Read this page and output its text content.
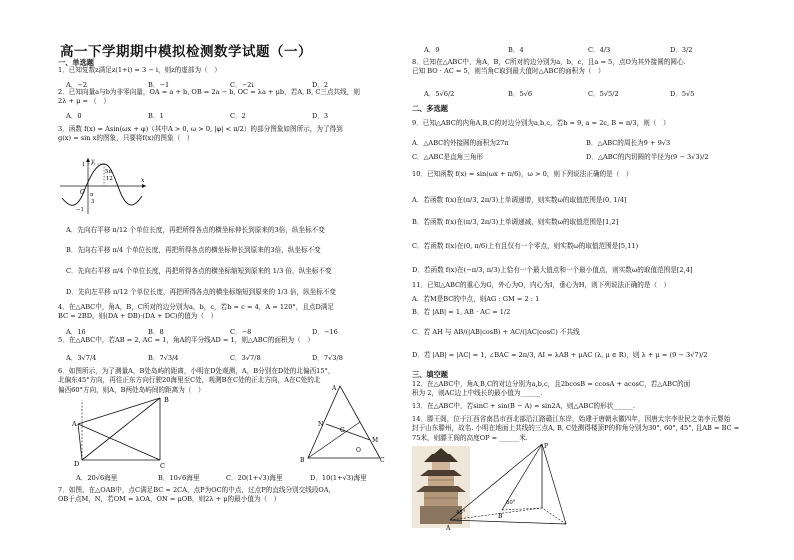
高一下学期期中模拟检测数学试题（一）
一、单选题
1．已知复数z满足z(1+i) = 3 − i，则z的虚部为（　）
A．−2	B．−1	C．−2i	D．2
2．已知向量a与b为非零向量，OA = a + b, OB = 2a − b, OC = λa + μb，若A, B, C三点共线，则
2λ + μ = （　）
A．0	B．1	C．2	D．3
3．函数 f(x) = Asin(ωx + φ)（其中A > 0, ω > 0, |φ| < π/2）的部分图象如图所示，为了得到
g(x) = sin x的图象，只要将f(x)的图象（　）
5π
12
π
3
1
x
y
O
−1
A．先向右平移 π/12 个单位长度，再把所得各点的横坐标伸长到原来的3倍，纵坐标不变
B．先向右平移 π/4 个单位长度，再把所得各点的横坐标伸长到原来的3倍，纵坐标不变
C．先向右平移 π/4 个单位长度，再把所得各点的横坐标缩短到原来的 1/3 倍，纵坐标不变
D．先向左平移 π/12 个单位长度，再把所得各点的横坐标缩短到原来的 1/3 倍，纵坐标不变
4．在△ABC中，角A，B，C所对的边分别为a，b，c，若b = c = 4，A = 120°，且点D满足
BC = 2BD，则(DA + DB)·(DA + DC)的值为（　）
A．16	B．8	C．−8	D．−16
5．在△ABC中，若AB = 2, AC = 1，角A的平分线AD = 1，则△ABC的面积为（　）
A．3√7/4	B．7√3/4	C．3√7/8	D．7√3/8
6．如图所示，为了测量A，B处岛屿的距离，小明在D处观测，A，B分别在D处的北偏西15°，
北偏东45°方向，再往正东方向行驶20海里至C处，观测B在C处的正北方向，A在C处的北
偏西60°方向，则A，B两处岛屿间的距离为（　）
A
B
D	C
A
N
G
M
O
B	C
A．20√6海里	B．10√6海里	C．20(1+√3)海里	D．10(1+√3)海里
7．如图，在△OAB中，点C满足BC = 2CA，点P为OC的中点，过点P的直线分别交线段OA，
OB于点M，N，若OM = λOA，ON = μOB，则2λ + μ的最小值为（　）
A．9	B．4	C．4/3	D．3/2
8．已知在△ABC中，角A，B，C所对的边分别为a，b，c，且a = 5，点O为其外接圆的圆心.
已知 BO · AC = 5，则当角C取到最大值时△ABC的面积为（　）
A．5√6/2	B．5√6	C．5√5/2	D．5√5
二、多选题
9．已知△ABC的内角A,B,C的对边分别为a,b,c，若b = 9, a = 2c, B = π/3，则（　）
A．△ABC的外接圆的面积为27π	B．△ABC的周长为9 + 9√3
C．△ABC是直角三角形	D．△ABC的内切圆的半径为(9 − 3√3)/2
10．已知函数 f(x) = sin(ωx + π/6)，ω > 0，则下列说法正确的是（　）
A．若函数 f(x)在(π/3, 2π/3)上单调递增，则实数ω的取值范围是(0, 1/4]
B．若函数 f(x)在(π/3, 2π/3)上单调递减，则实数ω的取值范围是[1,2]
C．若函数 f(x)在(0, π/6)上有且仅有一个零点，则实数ω的取值范围是[5,11)
D．若函数 f(x)在(−π/3, π/3)上恰有一个最大值点和一个最小值点，则实数ω的取值范围是[2,4]
11．已知△ABC的重心为G，外心为O，内心为I，垂心为H，则下列说法正确的是（　）
A．若M是BC的中点，则AG : GM = 2 : 1
B．若 |AB| = 1, AB · AC = 1/2
C．若 AH 与 AB/(|AB|cosB) + AC/(|AC|cosC) 不共线
D．若 |AB| = |AC| = 1, ∠BAC = 2π/3, AI = λAB + μAC (λ, μ ∈ R)，则 λ + μ = (9 − 3√7)/2
三、填空题
12．在△ABC中，角A,B,C的对边分别为a,b,c，且2bcosB = ccosA + acosC，若△ABC的面
积为 2，则AC边上中线长的最小值为______.
13．在△ABC中，若sinC + sin(B − A) = sin2A，则△ABC的形状______.
14．滕王阁，位于江西省南昌市西北部沿江路赣江东岸，始建于唐朝永徽四年，因唐太宗李世民之弟李元婴始
封于山东滕州，故名. 小明在地面上共线的三点A, B, C处测得楼顶P的仰角分别为30°, 60°, 45°, 且AB = BC = 75米，则滕王阁的高度OP = ______米.
P
60°
B
45°
A
